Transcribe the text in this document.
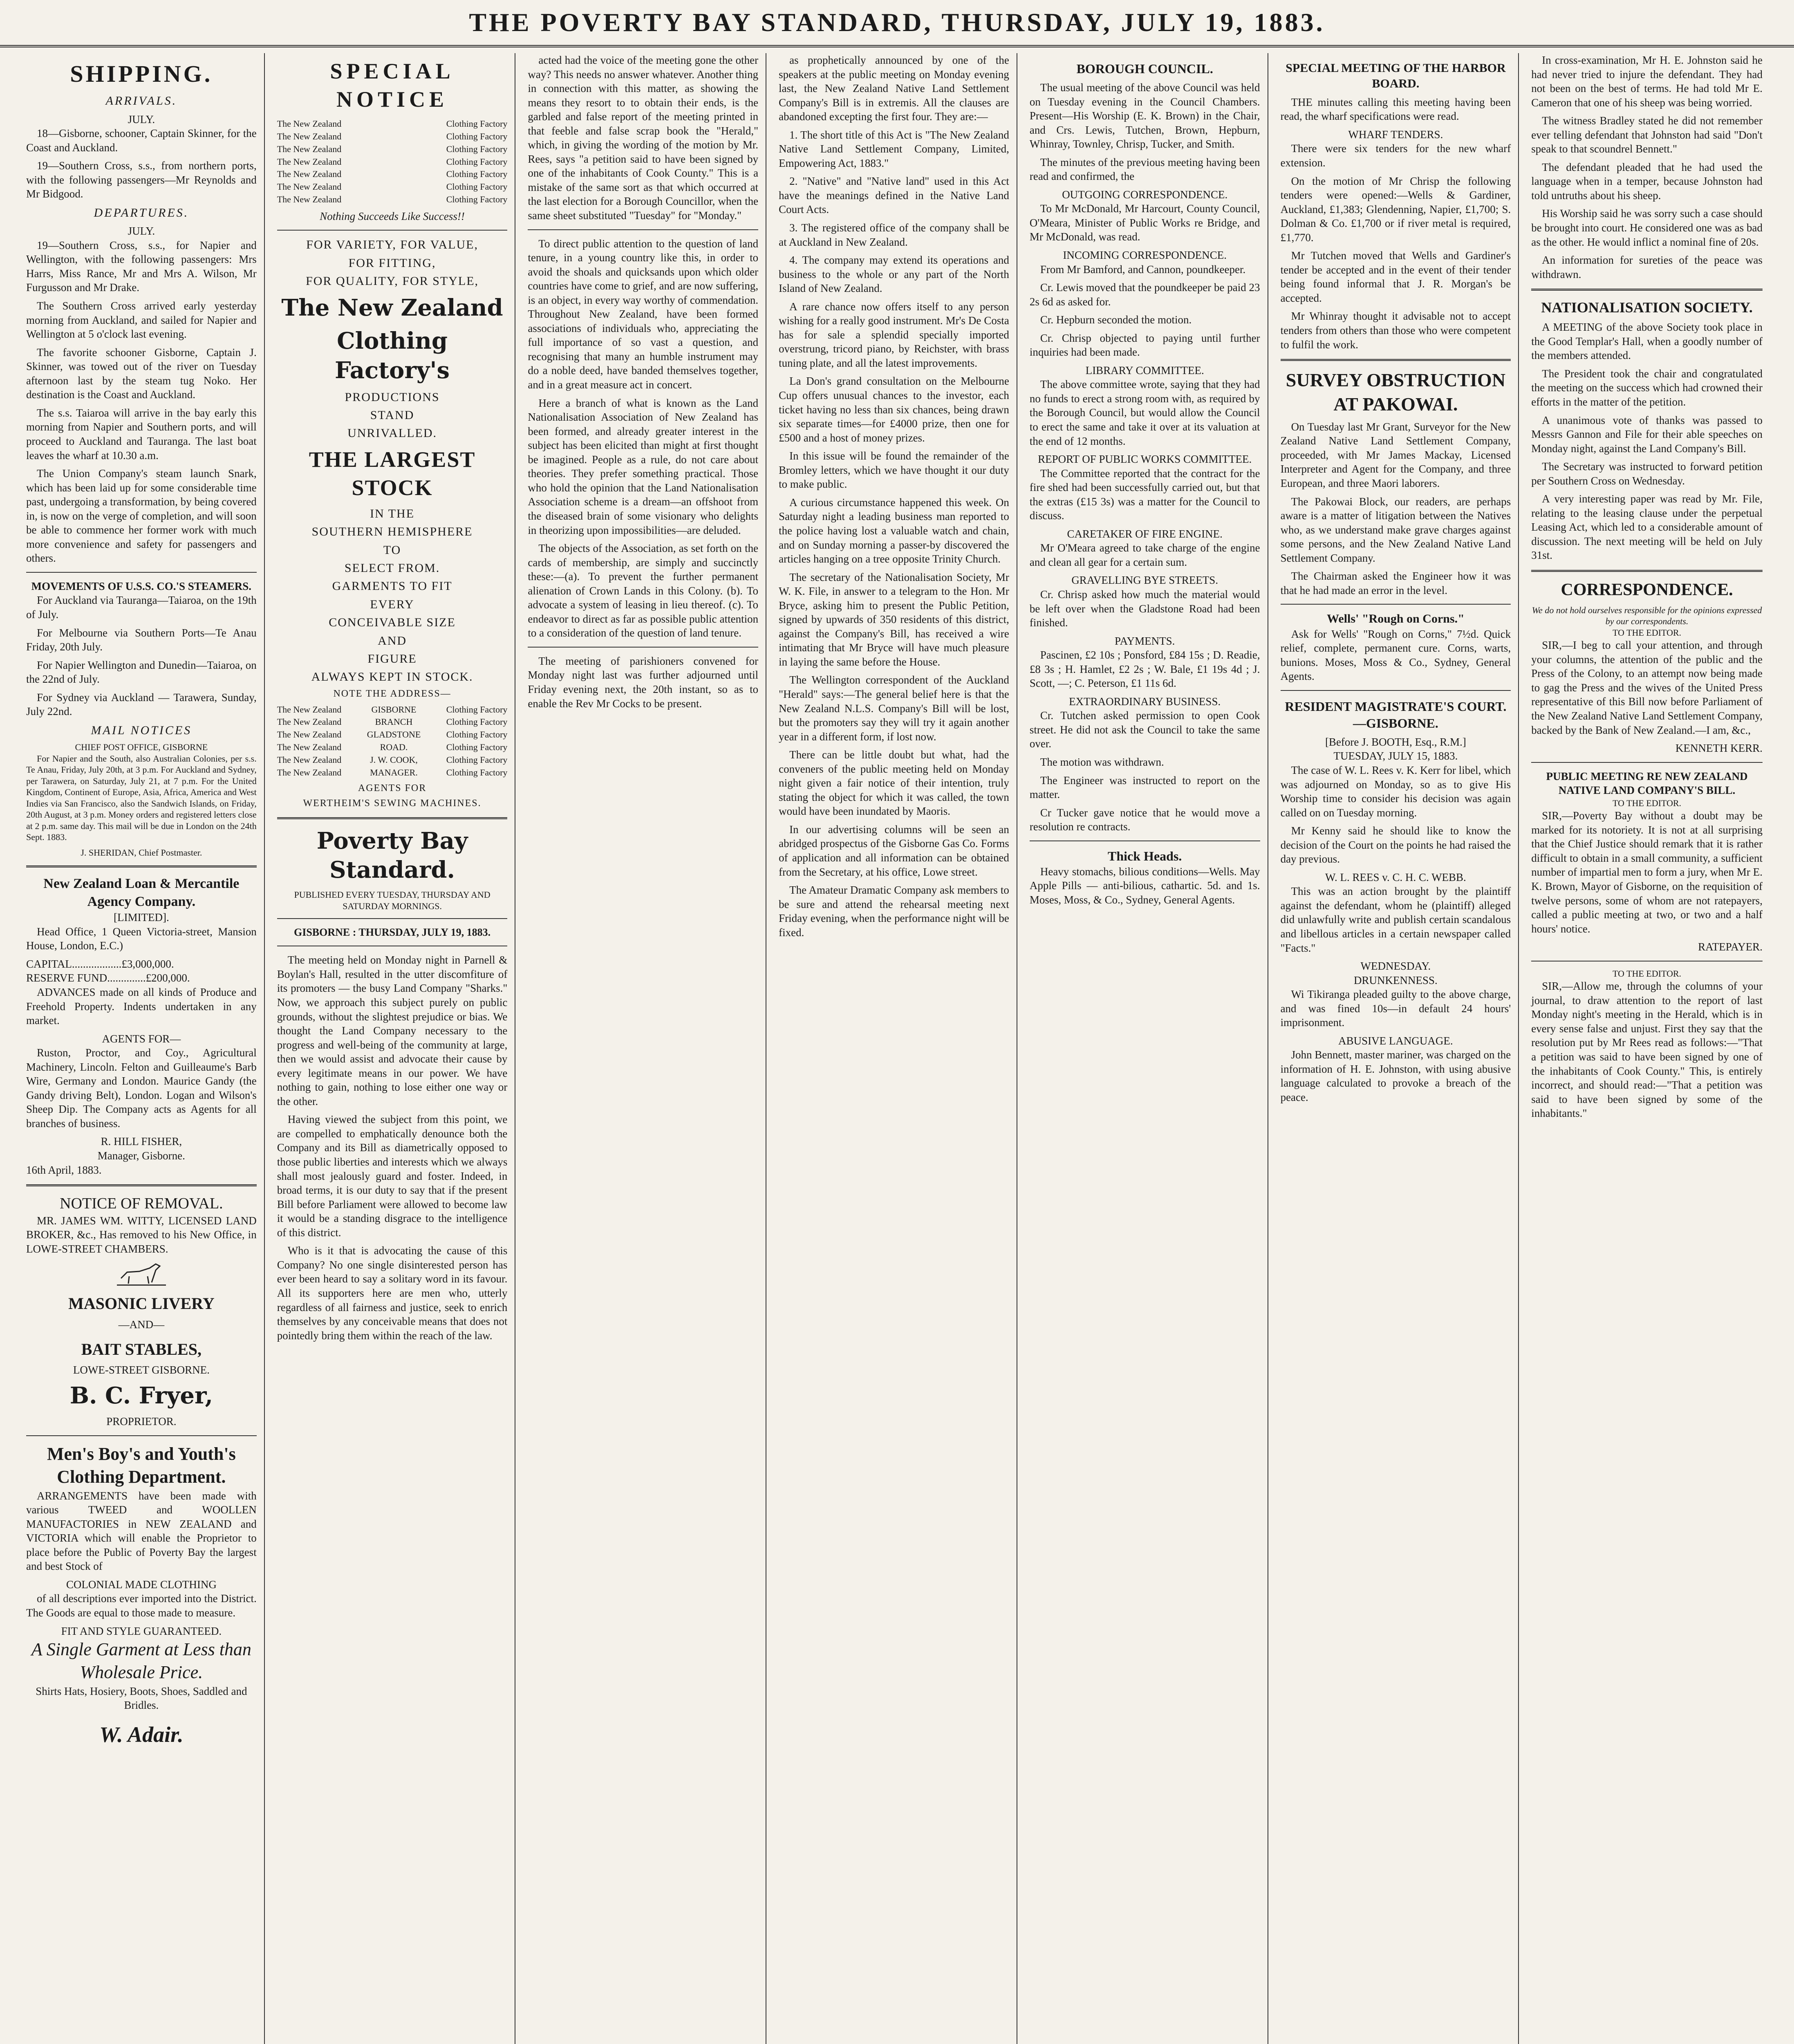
THE POVERTY BAY STANDARD, THURSDAY, JULY 19, 1883.
SHIPPING.
ARRIVALS.
JULY.

18—Gisborne, schooner, Captain Skinner, for the Coast and Auckland.

19—Southern Cross, s.s., from northern ports, with the following passengers—Mr Reynolds and Mr Bidgood.

DEPARTURES.
JULY.

19—Southern Cross, s.s., for Napier and Wellington, with the following passengers: Mrs Harrs, Miss Rance, Mr and Mrs A. Wilson, Mr Furgusson and Mr Drake.

The Southern Cross arrived early yesterday morning from Auckland, and sailed for Napier and Wellington at 5 o'clock last evening.

The favorite schooner Gisborne, Captain J. Skinner, was towed out of the river on Tuesday afternoon last by the steam tug Noko. Her destination is the Coast and Auckland.

The s.s. Taiaroa will arrive in the bay early this morning from Napier and Southern ports, and will proceed to Auckland and Tauranga. The last boat leaves the wharf at 10.30 a.m.

The Union Company's steam launch Snark, which has been laid up for some considerable time past, undergoing a transformation, by being covered in, is now on the verge of completion, and will soon be able to commence her former work with much more convenience and safety for passengers and others.

MOVEMENTS OF U.S.S. CO.'S STEAMERS.

For Auckland via Tauranga—Taiaroa, on the 19th of July.

For Melbourne via Southern Ports—Te Anau Friday, 20th July.

For Napier Wellington and Dunedin—Taiaroa, on the 22nd of July.

For Sydney via Auckland — Tarawera, Sunday, July 22nd.

MAIL NOTICES
CHIEF POST OFFICE, GISBORNE

For Napier and the South, also Australian Colonies, per s.s. Te Anau, Friday, July 20th, at 3 p.m. For Auckland and Sydney, per Tarawera, on Saturday, July 21, at 7 p.m. For the United Kingdom, Continent of Europe, Asia, Africa, America and West Indies via San Francisco, also the Sandwich Islands, on Friday, 20th August, at 3 p.m. Money orders and registered letters close at 2 p.m. same day. This mail will be due in London on the 24th Sept. 1883.

J. SHERIDAN, Chief Postmaster.
New Zealand Loan & Mercantile Agency Company.
[LIMITED].

Head Office, 1 Queen Victoria-street, Mansion House, London, E.C.)

CAPITAL..................£3,000,000.
RESERVE FUND..............£200,000.

ADVANCES made on all kinds of Produce and Freehold Property. Indents undertaken in any market.

AGENTS FOR—

Ruston, Proctor, and Coy., Agricultural Machinery, Lincoln. Felton and Guilleaume's Barb Wire, Germany and London. Maurice Gandy (the Gandy driving Belt), London. Logan and Wilson's Sheep Dip. The Company acts as Agents for all branches of business.

R. HILL FISHER,
Manager, Gisborne.
16th April, 1883.
NOTICE OF REMOVAL.

MR. JAMES WM. WITTY, LICENSED LAND BROKER, &c., Has removed to his New Office, in LOWE-STREET CHAMBERS.

MASONIC LIVERY
—AND—
BAIT STABLES,
LOWE-STREET GISBORNE.
B. C. Fryer,
PROPRIETOR.
Men's Boy's and Youth's Clothing Department.

ARRANGEMENTS have been made with various TWEED and WOOLLEN MANUFACTORIES in NEW ZEALAND and VICTORIA which will enable the Proprietor to place before the Public of Poverty Bay the largest and best Stock of

COLONIAL MADE CLOTHING

of all descriptions ever imported into the District. The Goods are equal to those made to measure.

FIT AND STYLE GUARANTEED.
A Single Garment at Less than Wholesale Price.
Shirts Hats, Hosiery, Boots, Shoes, Saddled and Bridles.
W. Adair.
SPECIAL NOTICE
The New Zealand	Clothing Factory
The New Zealand	Clothing Factory
The New Zealand	Clothing Factory
The New Zealand	Clothing Factory
The New Zealand	Clothing Factory
The New Zealand	Clothing Factory
The New Zealand	Clothing Factory
Nothing Succeeds Like Success!!
FOR VARIETY, FOR VALUE,
FOR FITTING,
FOR QUALITY, FOR STYLE,
The New Zealand
Clothing Factory's
PRODUCTIONS
STAND
UNRIVALLED.
THE LARGEST STOCK
IN THE
SOUTHERN HEMISPHERE
TO
SELECT FROM.
GARMENTS TO FIT
EVERY
CONCEIVABLE SIZE
AND
FIGURE
ALWAYS KEPT IN STOCK.
NOTE THE ADDRESS—
The New Zealand	GISBORNE	Clothing Factory
The New Zealand	BRANCH	Clothing Factory
The New Zealand	GLADSTONE	Clothing Factory
The New Zealand	ROAD.	Clothing Factory
The New Zealand	J. W. COOK,	Clothing Factory
The New Zealand	MANAGER.	Clothing Factory
AGENTS FOR
WERTHEIM'S SEWING MACHINES.
Poverty Bay Standard.
PUBLISHED EVERY TUESDAY, THURSDAY AND SATURDAY MORNINGS.
GISBORNE : THURSDAY, JULY 19, 1883.

The meeting held on Monday night in Parnell & Boylan's Hall, resulted in the utter discomfiture of its promoters — the busy Land Company "Sharks." Now, we approach this subject purely on public grounds, without the slightest prejudice or bias. We thought the Land Company necessary to the progress and well-being of the community at large, then we would assist and advocate their cause by every legitimate means in our power. We have nothing to gain, nothing to lose either one way or the other.

Having viewed the subject from this point, we are compelled to emphatically denounce both the Company and its Bill as diametrically opposed to those public liberties and interests which we always shall most jealously guard and foster. Indeed, in broad terms, it is our duty to say that if the present Bill before Parliament were allowed to become law it would be a standing disgrace to the intelligence of this district.

Who is it that is advocating the cause of this Company? No one single disinterested person has ever been heard to say a solitary word in its favour. All its supporters here are men who, utterly regardless of all fairness and justice, seek to enrich themselves by any conceivable means that does not pointedly bring them within the reach of the law.

acted had the voice of the meeting gone the other way? This needs no answer whatever. Another thing in connection with this matter, as showing the means they resort to to obtain their ends, is the garbled and false report of the meeting printed in that feeble and false scrap book the "Herald," which, in giving the wording of the motion by Mr. Rees, says "a petition said to have been signed by one of the inhabitants of Cook County." This is a mistake of the same sort as that which occurred at the last election for a Borough Councillor, when the same sheet substituted "Tuesday" for "Monday."

To direct public attention to the question of land tenure, in a young country like this, in order to avoid the shoals and quicksands upon which older countries have come to grief, and are now suffering, is an object, in every way worthy of commendation. Throughout New Zealand, have been formed associations of individuals who, appreciating the full importance of so vast a question, and recognising that many an humble instrument may do a noble deed, have banded themselves together, and in a great measure act in concert.

Here a branch of what is known as the Land Nationalisation Association of New Zealand has been formed, and already greater interest in the subject has been elicited than might at first thought be imagined. People as a rule, do not care about theories. They prefer something practical. Those who hold the opinion that the Land Nationalisation Association scheme is a dream—an offshoot from the diseased brain of some visionary who delights in theorizing upon impossibilities—are deluded.

The objects of the Association, as set forth on the cards of membership, are simply and succinctly these:—(a). To prevent the further permanent alienation of Crown Lands in this Colony. (b). To advocate a system of leasing in lieu thereof. (c). To endeavor to direct as far as possible public attention to a consideration of the question of land tenure.

The meeting of parishioners convened for Monday night last was further adjourned until Friday evening next, the 20th instant, so as to enable the Rev Mr Cocks to be present.

as prophetically announced by one of the speakers at the public meeting on Monday evening last, the New Zealand Native Land Settlement Company's Bill is in extremis. All the clauses are abandoned excepting the first four. They are:—

1. The short title of this Act is "The New Zealand Native Land Settlement Company, Limited, Empowering Act, 1883."

2. "Native" and "Native land" used in this Act have the meanings defined in the Native Land Court Acts.

3. The registered office of the company shall be at Auckland in New Zealand.

4. The company may extend its operations and business to the whole or any part of the North Island of New Zealand.

A rare chance now offers itself to any person wishing for a really good instrument. Mr's De Costa has for sale a splendid specially imported overstrung, tricord piano, by Reichster, with brass tuning plate, and all the latest improvements.

La Don's grand consultation on the Melbourne Cup offers unusual chances to the investor, each ticket having no less than six chances, being drawn six separate times—for £4000 prize, then one for £500 and a host of money prizes.

In this issue will be found the remainder of the Bromley letters, which we have thought it our duty to make public.

A curious circumstance happened this week. On Saturday night a leading business man reported to the police having lost a valuable watch and chain, and on Sunday morning a passer-by discovered the articles hanging on a tree opposite Trinity Church.

The secretary of the Nationalisation Society, Mr W. K. File, in answer to a telegram to the Hon. Mr Bryce, asking him to present the Public Petition, signed by upwards of 350 residents of this district, against the Company's Bill, has received a wire intimating that Mr Bryce will have much pleasure in laying the same before the House.

The Wellington correspondent of the Auckland "Herald" says:—The general belief here is that the New Zealand N.L.S. Company's Bill will be lost, but the promoters say they will try it again another year in a different form, if lost now.

There can be little doubt but what, had the conveners of the public meeting held on Monday night given a fair notice of their intention, truly stating the object for which it was called, the town would have been inundated by Maoris.

In our advertising columns will be seen an abridged prospectus of the Gisborne Gas Co. Forms of application and all information can be obtained from the Secretary, at his office, Lowe street.

The Amateur Dramatic Company ask members to be sure and attend the rehearsal meeting next Friday evening, when the performance night will be fixed.

BOROUGH COUNCIL.

The usual meeting of the above Council was held on Tuesday evening in the Council Chambers. Present—His Worship (E. K. Brown) in the Chair, and Crs. Lewis, Tutchen, Brown, Hepburn, Whinray, Townley, Chrisp, Tucker, and Smith.

The minutes of the previous meeting having been read and confirmed, the

OUTGOING CORRESPONDENCE.

To Mr McDonald, Mr Harcourt, County Council, O'Meara, Minister of Public Works re Bridge, and Mr McDonald, was read.

INCOMING CORRESPONDENCE.

From Mr Bamford, and Cannon, poundkeeper.

Cr. Lewis moved that the poundkeeper be paid 23 2s 6d as asked for.

Cr. Hepburn seconded the motion.

Cr. Chrisp objected to paying until further inquiries had been made.

LIBRARY COMMITTEE.

The above committee wrote, saying that they had no funds to erect a strong room with, as required by the Borough Council, but would allow the Council to erect the same and take it over at its valuation at the end of 12 months.

REPORT OF PUBLIC WORKS COMMITTEE.

The Committee reported that the contract for the fire shed had been successfully carried out, but that the extras (£15 3s) was a matter for the Council to discuss.

CARETAKER OF FIRE ENGINE.

Mr O'Meara agreed to take charge of the engine and clean all gear for a certain sum.

GRAVELLING BYE STREETS.

Cr. Chrisp asked how much the material would be left over when the Gladstone Road had been finished.

PAYMENTS.

Pascinen, £2 10s ; Ponsford, £84 15s ; D. Readie, £8 3s ; H. Hamlet, £2 2s ; W. Bale, £1 19s 4d ; J. Scott, —; C. Peterson, £1 11s 6d.

EXTRAORDINARY BUSINESS.

Cr. Tutchen asked permission to open Cook street. He did not ask the Council to take the same over.

The motion was withdrawn.

The Engineer was instructed to report on the matter.

Cr Tucker gave notice that he would move a resolution re contracts.

Thick Heads.

Heavy stomachs, bilious conditions—Wells. May Apple Pills — anti-bilious, cathartic. 5d. and 1s. Moses, Moss, & Co., Sydney, General Agents.

SPECIAL MEETING OF THE HARBOR BOARD.

THE minutes calling this meeting having been read, the wharf specifications were read.

WHARF TENDERS.

There were six tenders for the new wharf extension.

On the motion of Mr Chrisp the following tenders were opened:—Wells & Gardiner, Auckland, £1,383; Glendenning, Napier, £1,700; S. Dolman & Co. £1,700 or if river metal is required, £1,770.

Mr Tutchen moved that Wells and Gardiner's tender be accepted and in the event of their tender being found informal that J. R. Morgan's be accepted.

Mr Whinray thought it advisable not to accept tenders from others than those who were competent to fulfil the work.

SURVEY OBSTRUCTION AT PAKOWAI.

On Tuesday last Mr Grant, Surveyor for the New Zealand Native Land Settlement Company, proceeded, with Mr James Mackay, Licensed Interpreter and Agent for the Company, and three European, and three Maori laborers.

The Pakowai Block, our readers, are perhaps aware is a matter of litigation between the Natives who, as we understand make grave charges against some persons, and the New Zealand Native Land Settlement Company.

The Chairman asked the Engineer how it was that he had made an error in the level.

Wells' "Rough on Corns."

Ask for Wells' "Rough on Corns," 7½d. Quick relief, complete, permanent cure. Corns, warts, bunions. Moses, Moss & Co., Sydney, General Agents.

RESIDENT MAGISTRATE'S COURT.—GISBORNE.
[Before J. BOOTH, Esq., R.M.]
TUESDAY, JULY 15, 1883.

The case of W. L. Rees v. K. Kerr for libel, which was adjourned on Monday, so as to give His Worship time to consider his decision was again called on on Tuesday morning.

Mr Kenny said he should like to know the decision of the Court on the points he had raised the day previous.

W. L. REES v. C. H. C. WEBB.

This was an action brought by the plaintiff against the defendant, whom he (plaintiff) alleged did unlawfully write and publish certain scandalous and libellous articles in a certain newspaper called "Facts."

WEDNESDAY.
DRUNKENNESS.

Wi Tikiranga pleaded guilty to the above charge, and was fined 10s—in default 24 hours' imprisonment.

ABUSIVE LANGUAGE.

John Bennett, master mariner, was charged on the information of H. E. Johnston, with using abusive language calculated to provoke a breach of the peace.

In cross-examination, Mr H. E. Johnston said he had never tried to injure the defendant. They had not been on the best of terms. He had told Mr E. Cameron that one of his sheep was being worried.

The witness Bradley stated he did not remember ever telling defendant that Johnston had said "Don't speak to that scoundrel Bennett."

The defendant pleaded that he had used the language when in a temper, because Johnston had told untruths about his sheep.

His Worship said he was sorry such a case should be brought into court. He considered one was as bad as the other. He would inflict a nominal fine of 20s.

An information for sureties of the peace was withdrawn.

NATIONALISATION SOCIETY.

A MEETING of the above Society took place in the Good Templar's Hall, when a goodly number of the members attended.

The President took the chair and congratulated the meeting on the success which had crowned their efforts in the matter of the petition.

A unanimous vote of thanks was passed to Messrs Gannon and File for their able speeches on Monday night, against the Land Company's Bill.

The Secretary was instructed to forward petition per Southern Cross on Wednesday.

A very interesting paper was read by Mr. File, relating to the leasing clause under the perpetual Leasing Act, which led to a considerable amount of discussion. The next meeting will be held on July 31st.

CORRESPONDENCE.
We do not hold ourselves responsible for the opinions expressed by our correspondents.
TO THE EDITOR.

SIR,—I beg to call your attention, and through your columns, the attention of the public and the Press of the Colony, to an attempt now being made to gag the Press and the wives of the United Press representative of this Bill now before Parliament of the New Zealand Native Land Settlement Company, backed by the Bank of New Zealand.—I am, &c.,

KENNETH KERR.
PUBLIC MEETING RE NEW ZEALAND NATIVE LAND COMPANY'S BILL.
TO THE EDITOR.

SIR,—Poverty Bay without a doubt may be marked for its notoriety. It is not at all surprising that the Chief Justice should remark that it is rather difficult to obtain in a small community, a sufficient number of impartial men to form a jury, when Mr E. K. Brown, Mayor of Gisborne, on the requisition of twelve persons, some of whom are not ratepayers, called a public meeting at two, or two and a half hours' notice.

RATEPAYER.
TO THE EDITOR.

SIR,—Allow me, through the columns of your journal, to draw attention to the report of last Monday night's meeting in the Herald, which is in every sense false and unjust. First they say that the resolution put by Mr Rees read as follows:—"That a petition was said to have been signed by one of the inhabitants of Cook County." This, is entirely incorrect, and should read:—"That a petition was said to have been signed by some of the inhabitants."
